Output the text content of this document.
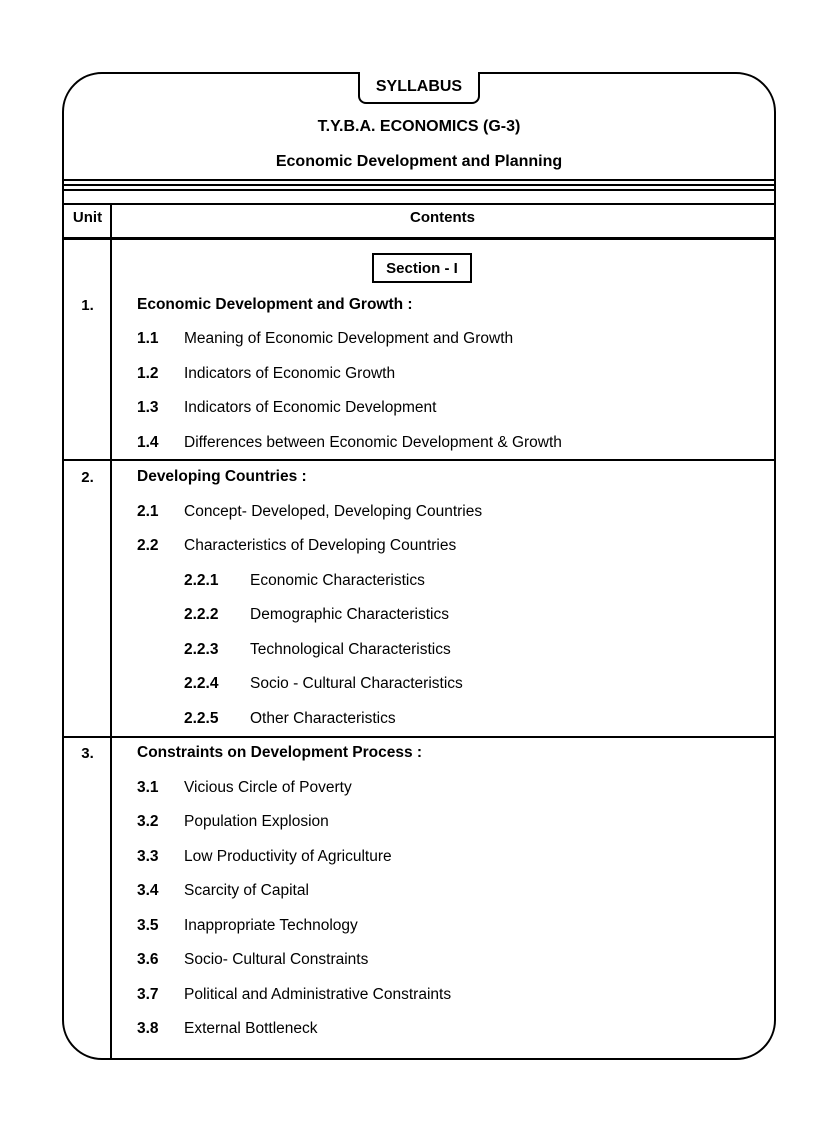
SYLLABUS
T.Y.B.A. ECONOMICS (G-3)
Economic Development and Planning
Unit	Contents
Section - I
1.	Economic Development and Growth :
1.1 Meaning of Economic Development and Growth
1.2 Indicators of Economic Growth
1.3 Indicators of Economic Development
1.4 Differences between Economic Development & Growth
2.	Developing Countries :
2.1 Concept- Developed, Developing Countries
2.2 Characteristics of Developing Countries
2.2.1 Economic Characteristics
2.2.2 Demographic Characteristics
2.2.3 Technological Characteristics
2.2.4 Socio - Cultural Characteristics
2.2.5 Other Characteristics
3.	Constraints on Development Process :
3.1 Vicious Circle of Poverty
3.2 Population Explosion
3.3 Low Productivity of Agriculture
3.4 Scarcity of Capital
3.5 Inappropriate Technology
3.6 Socio- Cultural Constraints
3.7 Political and Administrative Constraints
3.8 External Bottleneck
